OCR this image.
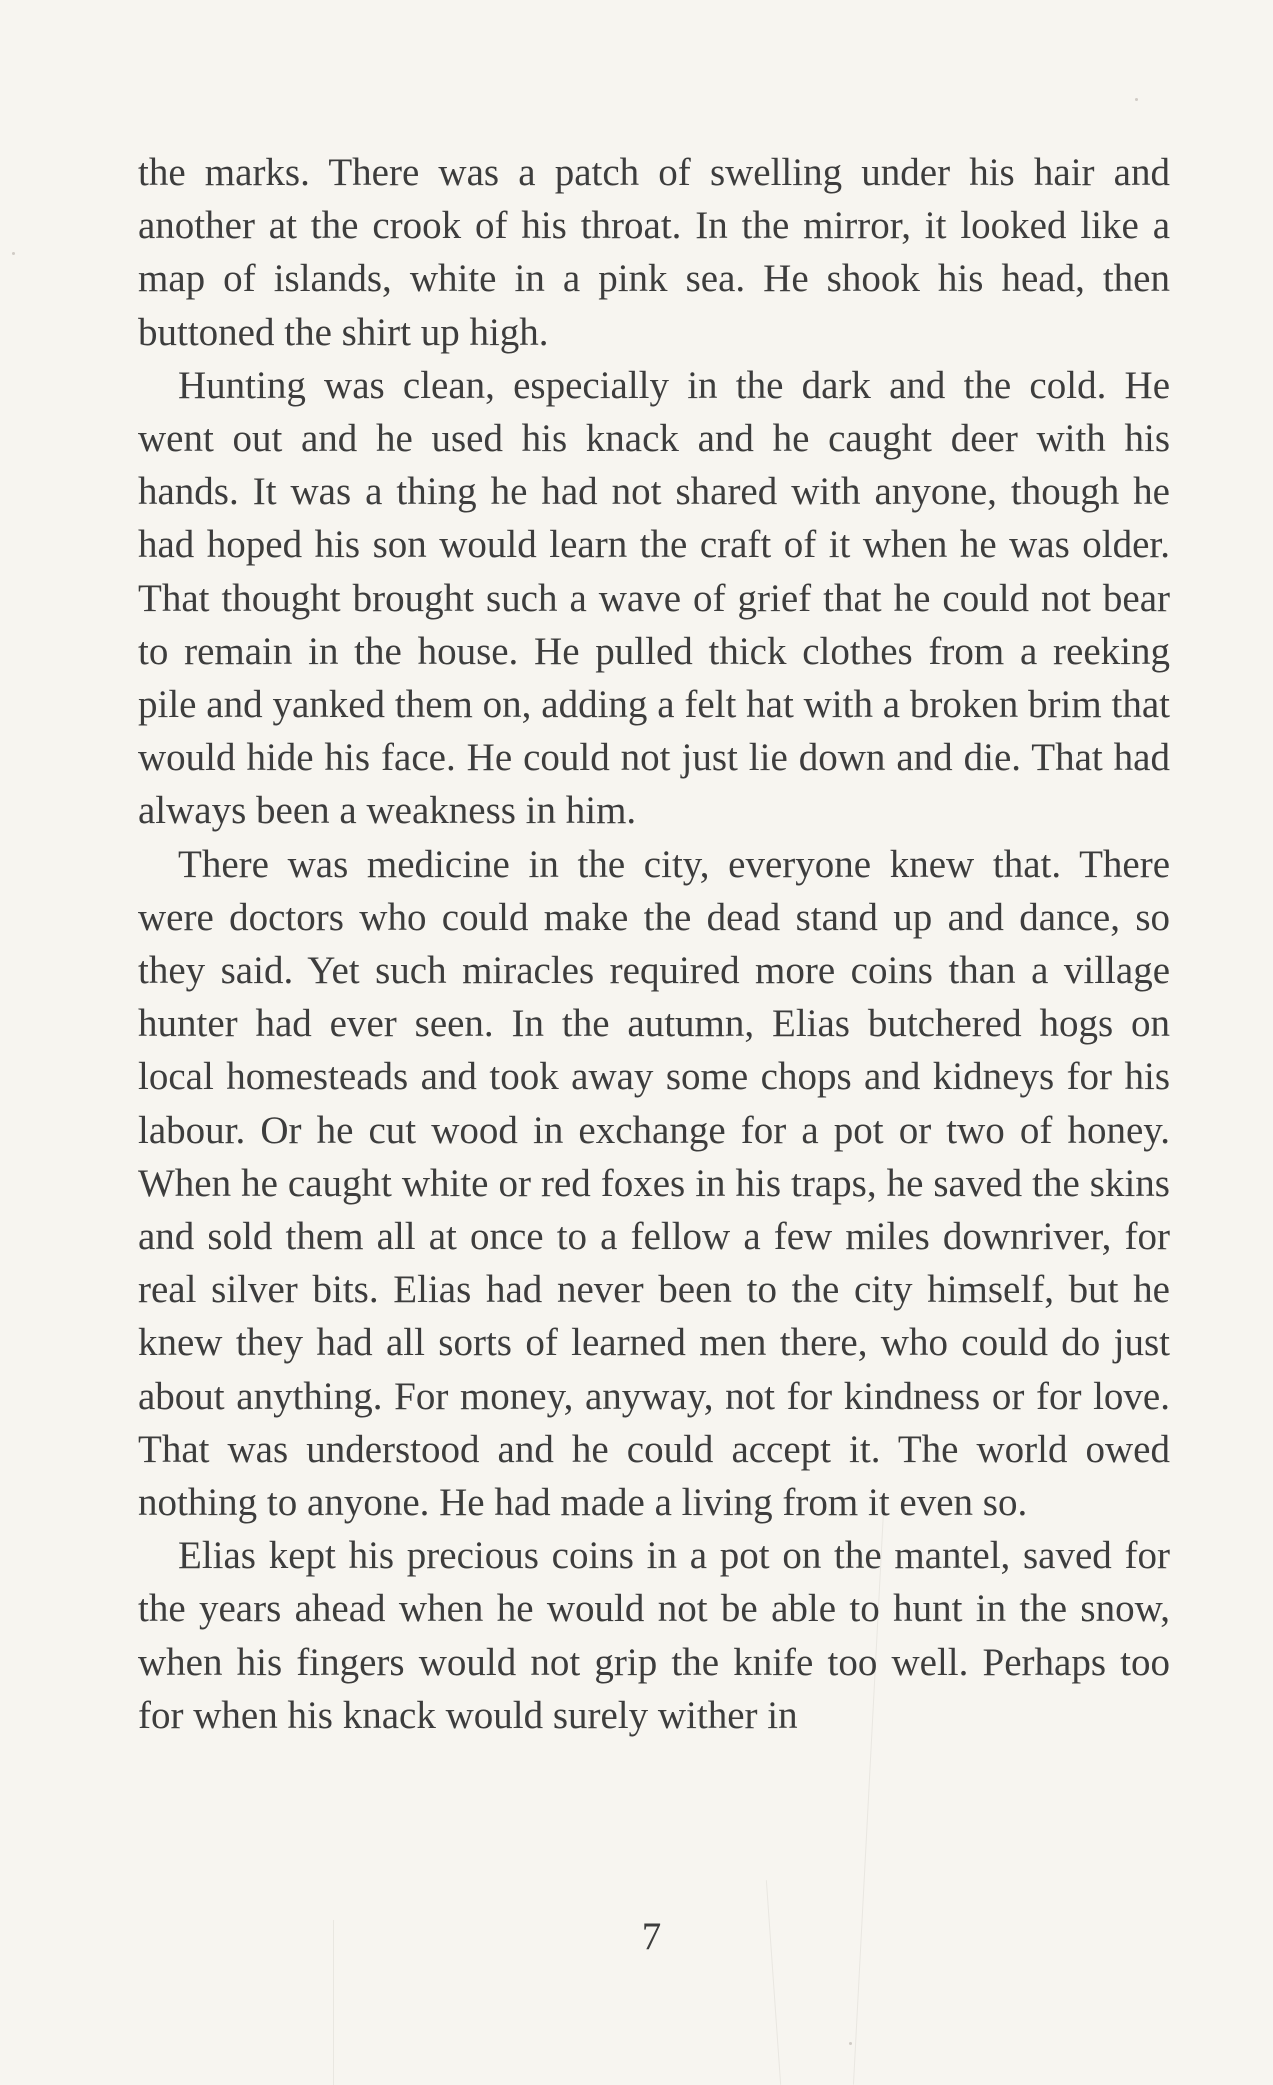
the marks. There was a patch of swelling under his hair and another at the crook of his throat. In the mirror, it looked like a map of islands, white in a pink sea. He shook his head, then buttoned the shirt up high.

Hunting was clean, especially in the dark and the cold. He went out and he used his knack and he caught deer with his hands. It was a thing he had not shared with anyone, though he had hoped his son would learn the craft of it when he was older. That thought brought such a wave of grief that he could not bear to remain in the house. He pulled thick clothes from a reeking pile and yanked them on, adding a felt hat with a broken brim that would hide his face. He could not just lie down and die. That had always been a weakness in him.

There was medicine in the city, everyone knew that. There were doctors who could make the dead stand up and dance, so they said. Yet such miracles required more coins than a village hunter had ever seen. In the autumn, Elias butchered hogs on local homesteads and took away some chops and kidneys for his labour. Or he cut wood in exchange for a pot or two of honey. When he caught white or red foxes in his traps, he saved the skins and sold them all at once to a fellow a few miles downriver, for real silver bits. Elias had never been to the city himself, but he knew they had all sorts of learned men there, who could do just about anything. For money, anyway, not for kindness or for love. That was understood and he could accept it. The world owed nothing to anyone. He had made a living from it even so.

Elias kept his precious coins in a pot on the mantel, saved for the years ahead when he would not be able to hunt in the snow, when his fingers would not grip the knife too well. Perhaps too for when his knack would surely wither in

7
